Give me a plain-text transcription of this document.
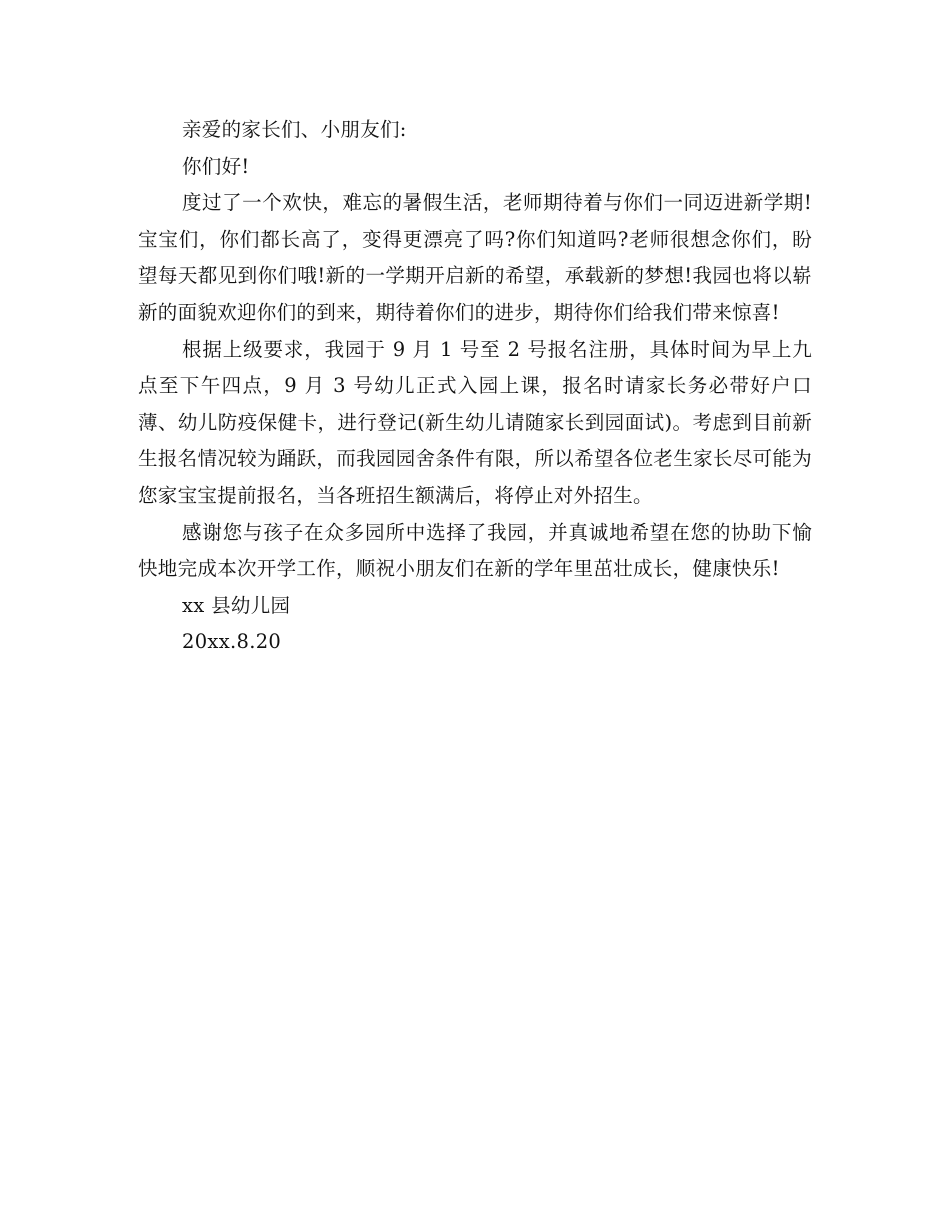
亲爱的家长们、小朋友们:

你们好!

度过了一个欢快，难忘的暑假生活，老师期待着与你们一同迈进新学期!宝宝们，你们都长高了，变得更漂亮了吗?你们知道吗?老师很想念你们，盼望每天都见到你们哦!新的一学期开启新的希望，承载新的梦想!我园也将以崭新的面貌欢迎你们的到来，期待着你们的进步，期待你们给我们带来惊喜!

根据上级要求，我园于 9 月 1 号至 2 号报名注册，具体时间为早上九点至下午四点，9 月 3 号幼儿正式入园上课，报名时请家长务必带好户口薄、幼儿防疫保健卡，进行登记(新生幼儿请随家长到园面试)。考虑到目前新生报名情况较为踊跃，而我园园舍条件有限，所以希望各位老生家长尽可能为您家宝宝提前报名，当各班招生额满后，将停止对外招生。

感谢您与孩子在众多园所中选择了我园，并真诚地希望在您的协助下愉快地完成本次开学工作，顺祝小朋友们在新的学年里茁壮成长，健康快乐!

xx 县幼儿园

20xx.8.20
